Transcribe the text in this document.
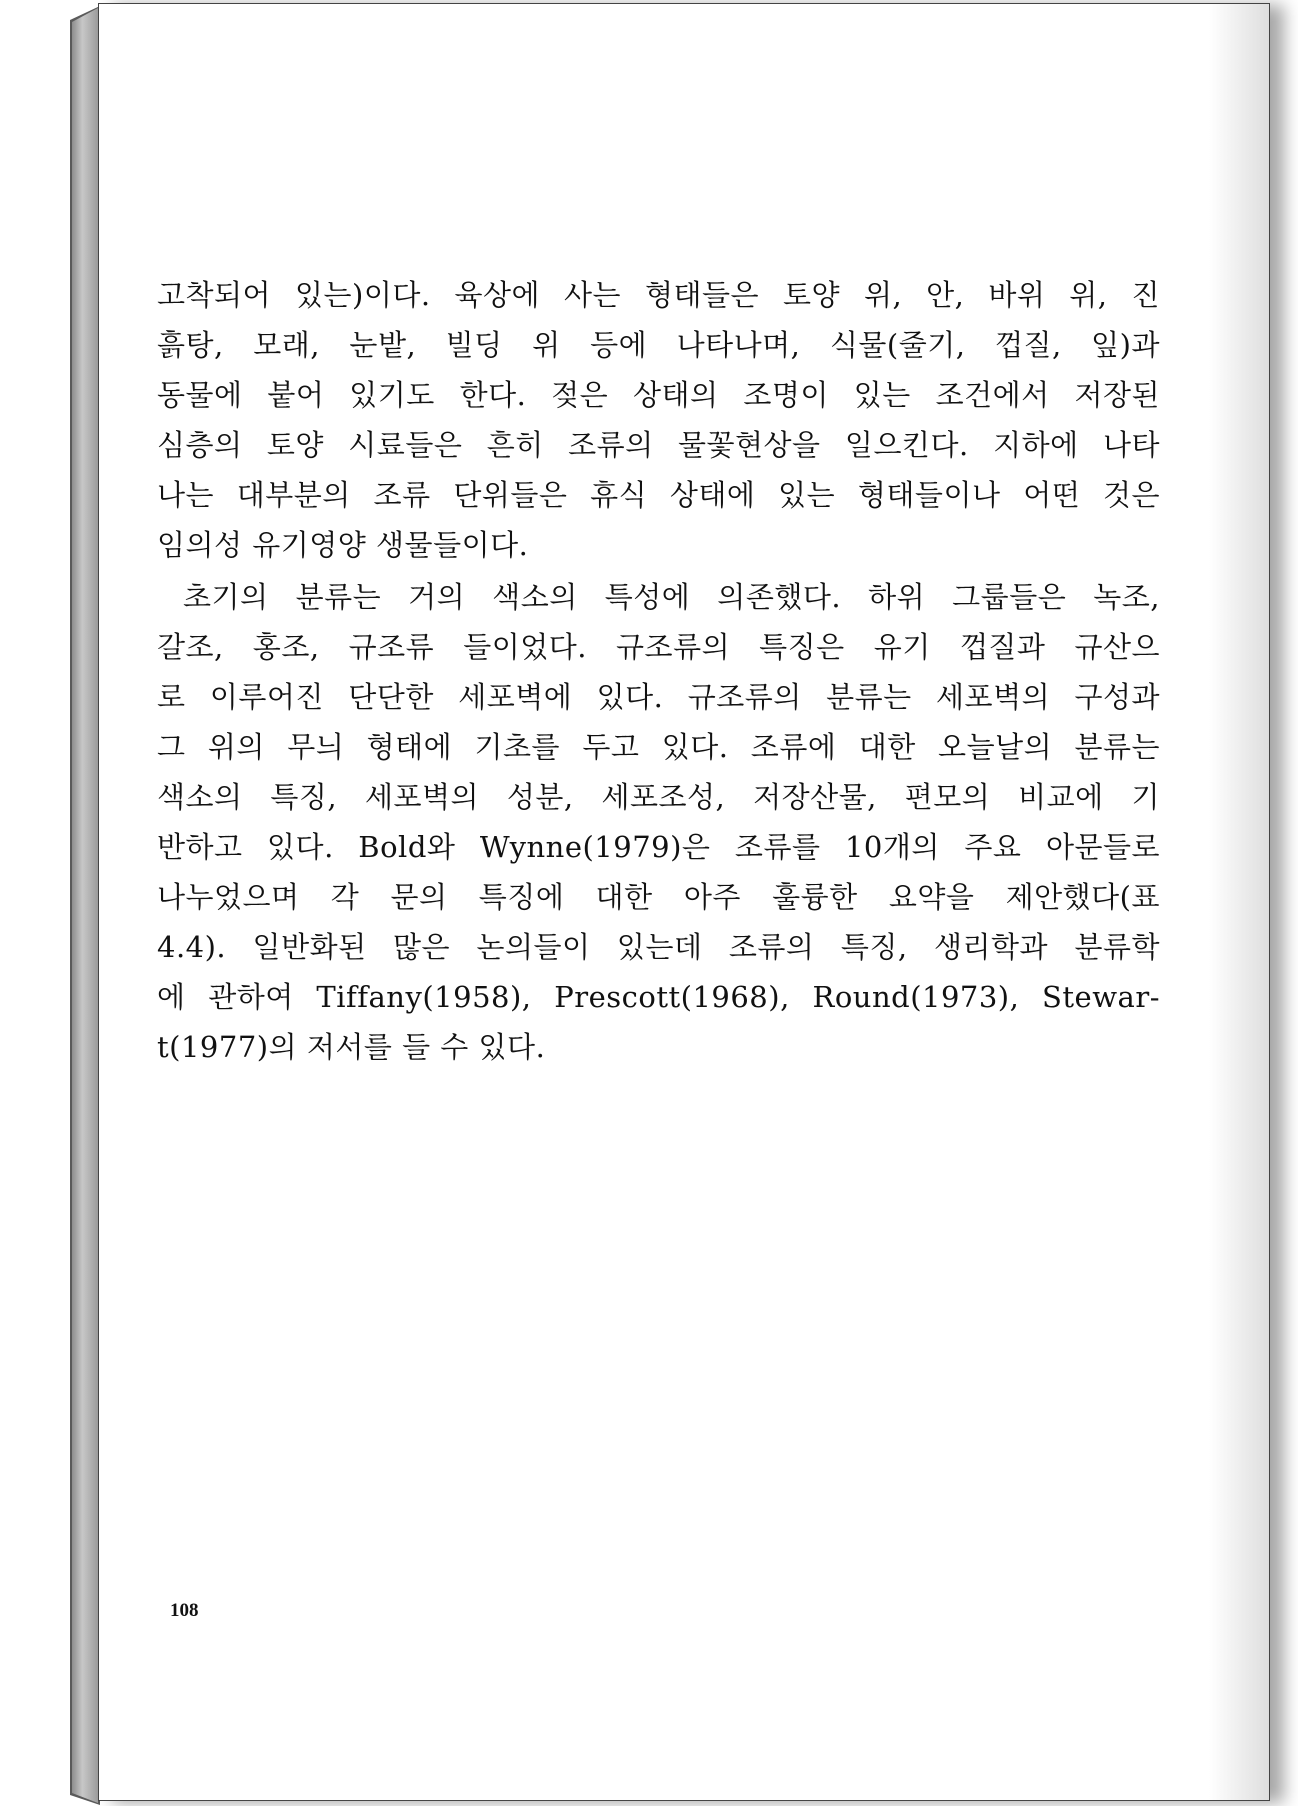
고착되어 있는)이다. 육상에 사는 형태들은 토양 위, 안, 바위 위, 진
흙탕, 모래, 눈밭, 빌딩 위 등에 나타나며, 식물(줄기, 껍질, 잎)과
동물에 붙어 있기도 한다. 젖은 상태의 조명이 있는 조건에서 저장된
심층의 토양 시료들은 흔히 조류의 물꽃현상을 일으킨다. 지하에 나타
나는 대부분의 조류 단위들은 휴식 상태에 있는 형태들이나 어떤 것은
임의성 유기영양 생물들이다.

초기의 분류는 거의 색소의 특성에 의존했다. 하위 그룹들은 녹조,
갈조, 홍조, 규조류 들이었다. 규조류의 특징은 유기 껍질과 규산으
로 이루어진 단단한 세포벽에 있다. 규조류의 분류는 세포벽의 구성과
그 위의 무늬 형태에 기초를 두고 있다. 조류에 대한 오늘날의 분류는
색소의 특징, 세포벽의 성분, 세포조성, 저장산물, 편모의 비교에 기
반하고 있다. Bold와 Wynne(1979)은 조류를 10개의 주요 아문들로
나누었으며 각 문의 특징에 대한 아주 훌륭한 요약을 제안했다(표
4.4). 일반화된 많은 논의들이 있는데 조류의 특징, 생리학과 분류학
에 관하여 Tiffany(1958), Prescott(1968), Round(1973), Stewar-
t(1977)의 저서를 들 수 있다.

108
